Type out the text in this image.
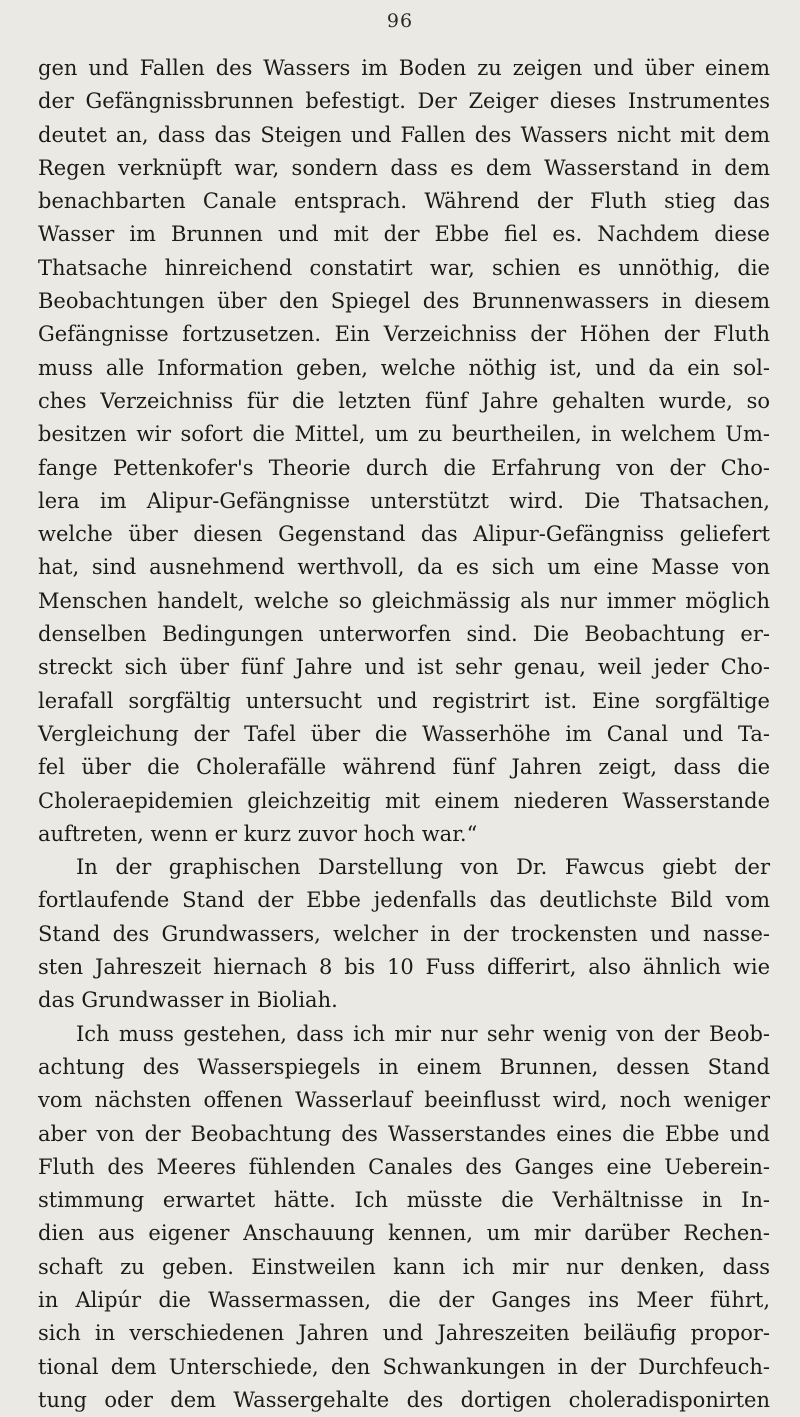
96
gen und Fallen des Wassers im Boden zu zeigen und über einem
der Gefängnissbrunnen befestigt. Der Zeiger dieses Instrumentes
deutet an, dass das Steigen und Fallen des Wassers nicht mit dem
Regen verknüpft war, sondern dass es dem Wasserstand in dem
benachbarten Canale entsprach. Während der Fluth stieg das
Wasser im Brunnen und mit der Ebbe fiel es. Nachdem diese
Thatsache hinreichend constatirt war, schien es unnöthig, die
Beobachtungen über den Spiegel des Brunnenwassers in diesem
Gefängnisse fortzusetzen. Ein Verzeichniss der Höhen der Fluth
muss alle Information geben, welche nöthig ist, und da ein sol-
ches Verzeichniss für die letzten fünf Jahre gehalten wurde, so
besitzen wir sofort die Mittel, um zu beurtheilen, in welchem Um-
fange Pettenkofer's Theorie durch die Erfahrung von der Cho-
lera im Alipur-Gefängnisse unterstützt wird. Die Thatsachen,
welche über diesen Gegenstand das Alipur-Gefängniss geliefert
hat, sind ausnehmend werthvoll, da es sich um eine Masse von
Menschen handelt, welche so gleichmässig als nur immer möglich
denselben Bedingungen unterworfen sind. Die Beobachtung er-
streckt sich über fünf Jahre und ist sehr genau, weil jeder Cho-
lerafall sorgfältig untersucht und registrirt ist. Eine sorgfältige
Vergleichung der Tafel über die Wasserhöhe im Canal und Ta-
fel über die Cholerafälle während fünf Jahren zeigt, dass die
Choleraepidemien gleichzeitig mit einem niederen Wasserstande
auftreten, wenn er kurz zuvor hoch war.“
In der graphischen Darstellung von Dr. Fawcus giebt der
fortlaufende Stand der Ebbe jedenfalls das deutlichste Bild vom
Stand des Grundwassers, welcher in der trockensten und nasse-
sten Jahreszeit hiernach 8 bis 10 Fuss differirt, also ähnlich wie
das Grundwasser in Bioliah.
Ich muss gestehen, dass ich mir nur sehr wenig von der Beob-
achtung des Wasserspiegels in einem Brunnen, dessen Stand
vom nächsten offenen Wasserlauf beeinflusst wird, noch weniger
aber von der Beobachtung des Wasserstandes eines die Ebbe und
Fluth des Meeres fühlenden Canales des Ganges eine Ueberein-
stimmung erwartet hätte. Ich müsste die Verhältnisse in In-
dien aus eigener Anschauung kennen, um mir darüber Rechen-
schaft zu geben. Einstweilen kann ich mir nur denken, dass
in Alipúr die Wassermassen, die der Ganges ins Meer führt,
sich in verschiedenen Jahren und Jahreszeiten beiläufig propor-
tional dem Unterschiede, den Schwankungen in der Durchfeuch-
tung oder dem Wassergehalte des dortigen choleradisponirten
